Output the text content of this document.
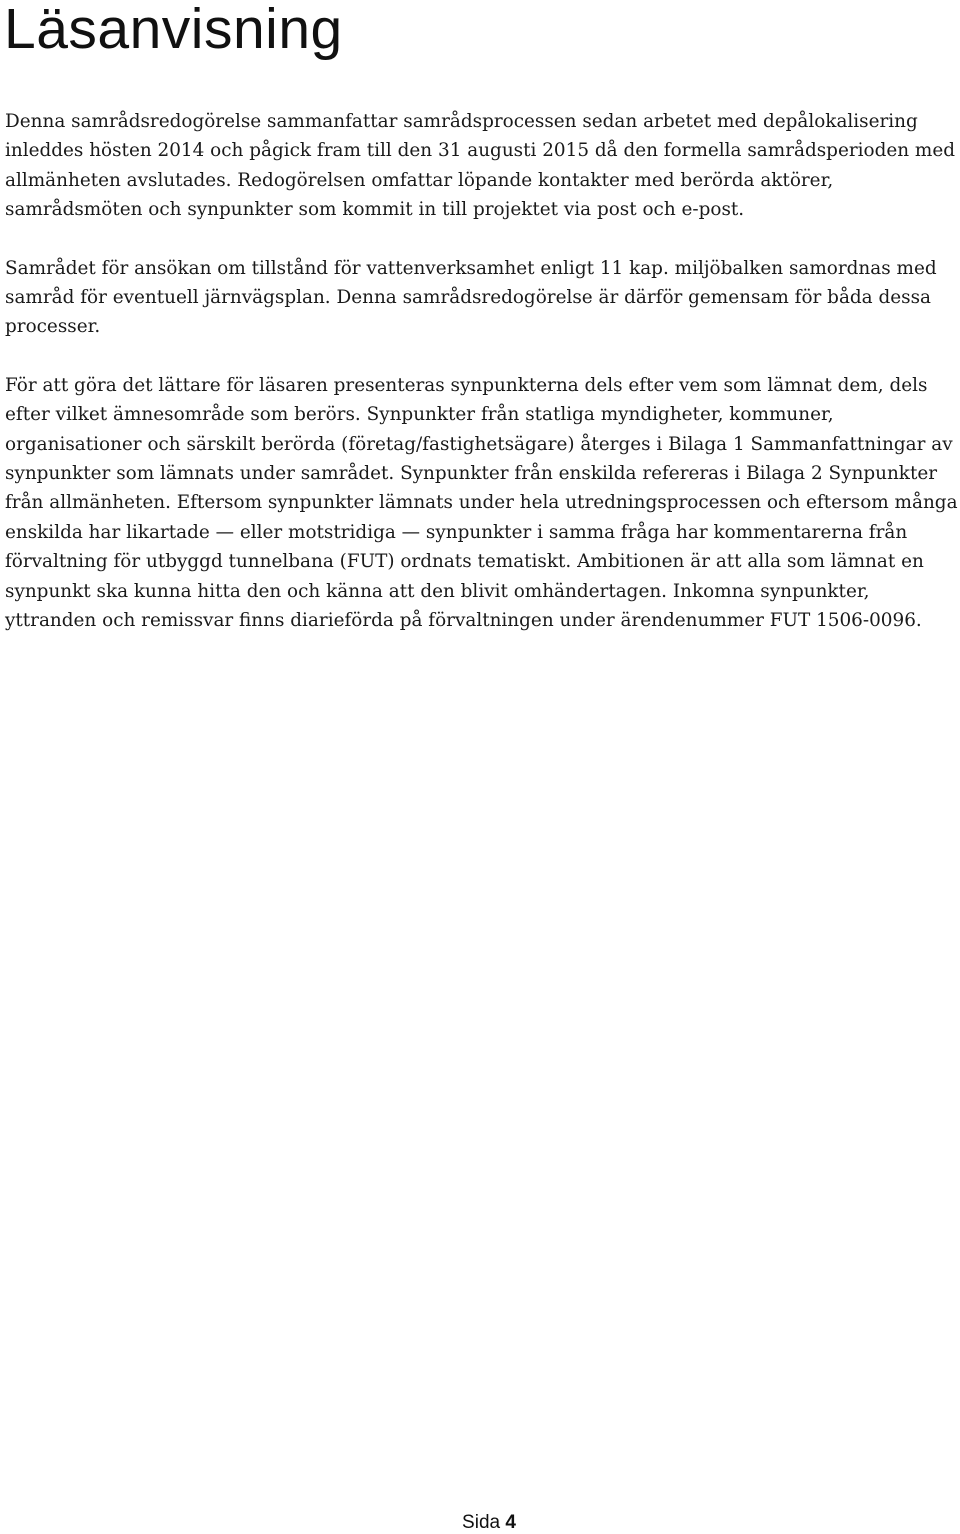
Läsanvisning

Denna samrådsredogörelse sammanfattar samrådsprocessen sedan arbetet med depålokalisering inleddes hösten 2014 och pågick fram till den 31 augusti 2015 då den formella samrådsperioden med allmänheten avslutades. Redogörelsen omfattar löpande kontakter med berörda aktörer, samrådsmöten och synpunkter som kommit in till projektet via post och e-post.

Samrådet för ansökan om tillstånd för vattenverksamhet enligt 11 kap. miljöbalken samordnas med samråd för eventuell järnvägsplan. Denna samrådsredogörelse är därför gemensam för båda dessa processer.

För att göra det lättare för läsaren presenteras synpunkterna dels efter vem som lämnat dem, dels efter vilket ämnesområde som berörs. Synpunkter från statliga myndigheter, kommuner, organisationer och särskilt berörda (företag/fastighetsägare) återges i Bilaga 1 Sammanfattningar av synpunkter som lämnats under samrådet. Synpunkter från enskilda refereras i Bilaga 2 Synpunkter från allmänheten. Eftersom synpunkter lämnats under hela utredningsprocessen och eftersom många enskilda har likartade — eller motstridiga — synpunkter i samma fråga har kommentarerna från förvaltning för utbyggd tunnelbana (FUT) ordnats tematiskt. Ambitionen är att alla som lämnat en synpunkt ska kunna hitta den och känna att den blivit omhändertagen. Inkomna synpunkter, yttranden och remissvar finns diarieförda på förvaltningen under ärendenummer FUT 1506-0096.

Sida 4
